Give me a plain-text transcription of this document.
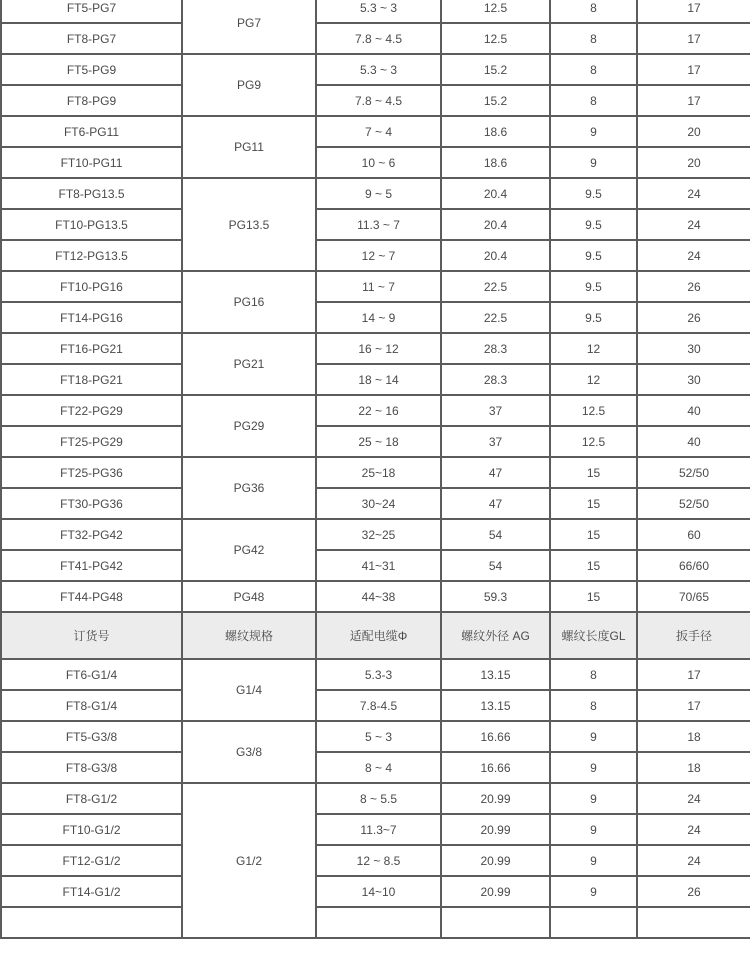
FT5-PG7	PG7	5.3 ~ 3	12.5	8	17
FT8-PG7		7.8 ~ 4.5	12.5	8	17
FT5-PG9	PG9	5.3 ~ 3	15.2	8	17
FT8-PG9		7.8 ~ 4.5	15.2	8	17
FT6-PG11	PG11	7 ~ 4	18.6	9	20
FT10-PG11		10 ~ 6	18.6	9	20
FT8-PG13.5	PG13.5	9 ~ 5	20.4	9.5	24
FT10-PG13.5		11.3 ~ 7	20.4	9.5	24
FT12-PG13.5		12 ~ 7	20.4	9.5	24
FT10-PG16	PG16	11 ~ 7	22.5	9.5	26
FT14-PG16		14 ~ 9	22.5	9.5	26
FT16-PG21	PG21	16 ~ 12	28.3	12	30
FT18-PG21		18 ~ 14	28.3	12	30
FT22-PG29	PG29	22 ~ 16	37	12.5	40
FT25-PG29		25 ~ 18	37	12.5	40
FT25-PG36	PG36	25~18	47	15	52/50
FT30-PG36		30~24	47	15	52/50
FT32-PG42	PG42	32~25	54	15	60
FT41-PG42		41~31	54	15	66/60
FT44-PG48	PG48	44~38	59.3	15	70/65
订货号	螺纹规格	适配电缆Φ	螺纹外径 AG	螺纹长度GL	扳手径
FT6-G1/4	G1/4	5.3-3	13.15	8	17
FT8-G1/4		7.8-4.5	13.15	8	17
FT5-G3/8	G3/8	5 ~ 3	16.66	9	18
FT8-G3/8		8 ~ 4	16.66	9	18
FT8-G1/2	G1/2	8 ~ 5.5	20.99	9	24
FT10-G1/2		11.3~7	20.99	9	24
FT12-G1/2		12 ~ 8.5	20.99	9	24
FT14-G1/2		14~10	20.99	9	26
